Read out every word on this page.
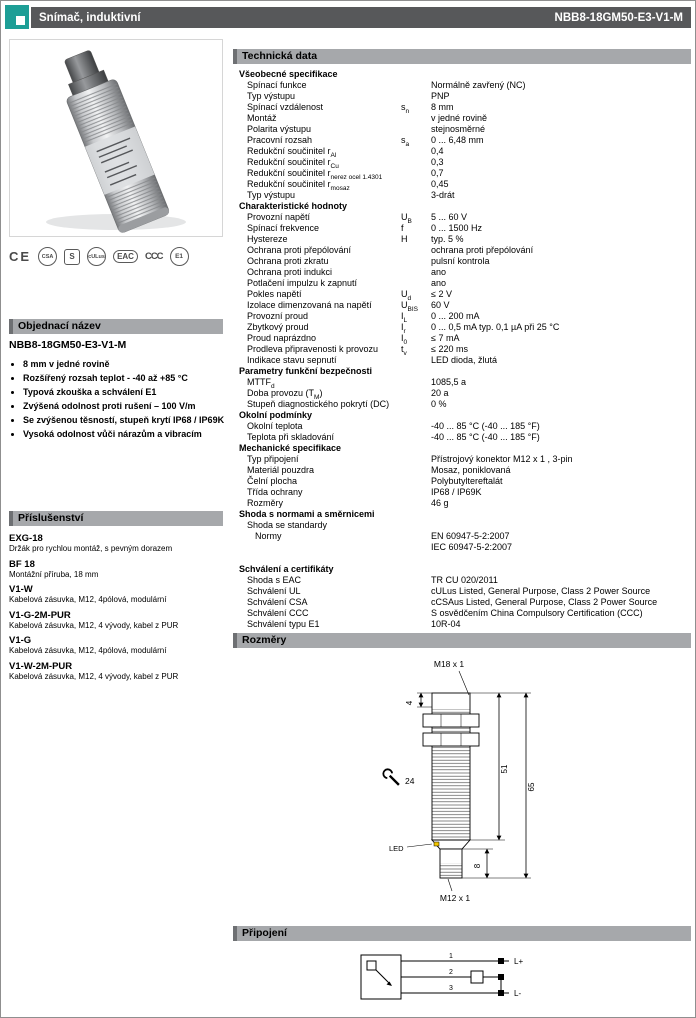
Snímač, induktivní	NBB8-18GM50-E3-V1-M
CE	CSA	S	cULus	EAC	CCC	E1
Objednací název
NBB8-18GM50-E3-V1-M
• 8 mm v jedné rovině
• Rozšířený rozsah teplot - -40 až +85 °C
• Typová zkouška a schválení E1
• Zvýšená odolnost proti rušení – 100 V/m
• Se zvýšenou těsností, stupeň krytí IP68 / IP69K
• Vysoká odolnost vůči nárazům a vibracím
Příslušenství
EXG-18
Držák pro rychlou montáž, s pevným dorazem
BF 18
Montážní příruba, 18 mm
V1-W
Kabelová zásuvka, M12, 4pólová, modulární
V1-G-2M-PUR
Kabelová zásuvka, M12, 4 vývody, kabel z PUR
V1-G
Kabelová zásuvka, M12, 4pólová, modulární
V1-W-2M-PUR
Kabelová zásuvka, M12, 4 vývody, kabel z PUR
Technická data
Všeobecné specifikace
Spínací funkce	Normálně zavřený (NC)
Typ výstupu	PNP
Spínací vzdálenost	$s_n$ 8 mm
Montáž	v jedné rovině
Polarita výstupu	stejnosměrné
Pracovní rozsah	$s_a$ 0 ... 6,48 mm
Redukční součinitel $r_{Al}$	0,4
Redukční součinitel $r_{Cu}$	0,3
Redukční součinitel $r_{nerez ocel 1.4301}$	0,7
Redukční součinitel $r_{mosaz}$	0,45
Typ výstupu	3-drát
Charakteristické hodnoty
Provozní napětí	$U_B$ 5 ... 60 V
Spínací frekvence	f	0 ... 1500 Hz
Hystereze	H	typ. 5 %
Ochrana proti přepólování	ochrana proti přepólování
Ochrana proti zkratu	pulsní kontrola
Ochrana proti indukci	ano
Potlačení impulzu k zapnutí	ano
Pokles napětí	$U_d \le 2$ V
Izolace dimenzovaná na napětí	$U_{BIS}$ 60 V
Provozní proud	$I_L$	0 ... 200 mA
Zbytkový proud	$I_r$	0 ... 0,5 mA typ. 0,1 µA při 25 °C
Proud naprázdno	$I_0$	≤ 7 mA
Prodleva připravenosti k provozu	$t_v$	≤ 220 ms
Indikace stavu sepnutí	LED dioda, žlutá
Parametry funkční bezpečnosti
$MTTF_d$	1085,5 a
Doba provozu $(T_M)$	20 a
Stupeň diagnostického pokrytí (DC)	0 %
Okolní podmínky
Okolní teplota	-40 ... 85 °C (-40 ... 185 °F)
Teplota při skladování	-40 ... 85 °C (-40 ... 185 °F)
Mechanické specifikace
Typ připojení	Přístrojový konektor M12 x 1 , 3-pin
Materiál pouzdra	Mosaz, poniklovaná
Čelní plocha	Polybutyltereftalát
Třída ochrany	IP68 / IP69K
Rozměry	46 g
Shoda s normami a směrnicemi
Shoda se standardy
Normy	EN 60947-5-2:2007
IEC 60947-5-2:2007
Schválení a certifikáty
Shoda s EAC	TR CU 020/2011
Schválení UL	cULus Listed, General Purpose, Class 2 Power Source
Schválení CSA	cCSAus Listed, General Purpose, Class 2 Power Source
Schválení CCC	S osvědčením China Compulsory Certification (CCC)
Schválení typu E1	10R-04
Rozměry
M18 x 1
4
24
51
65
8
LED
M12 x 1
Připojení
1
2
3
L+
L-
